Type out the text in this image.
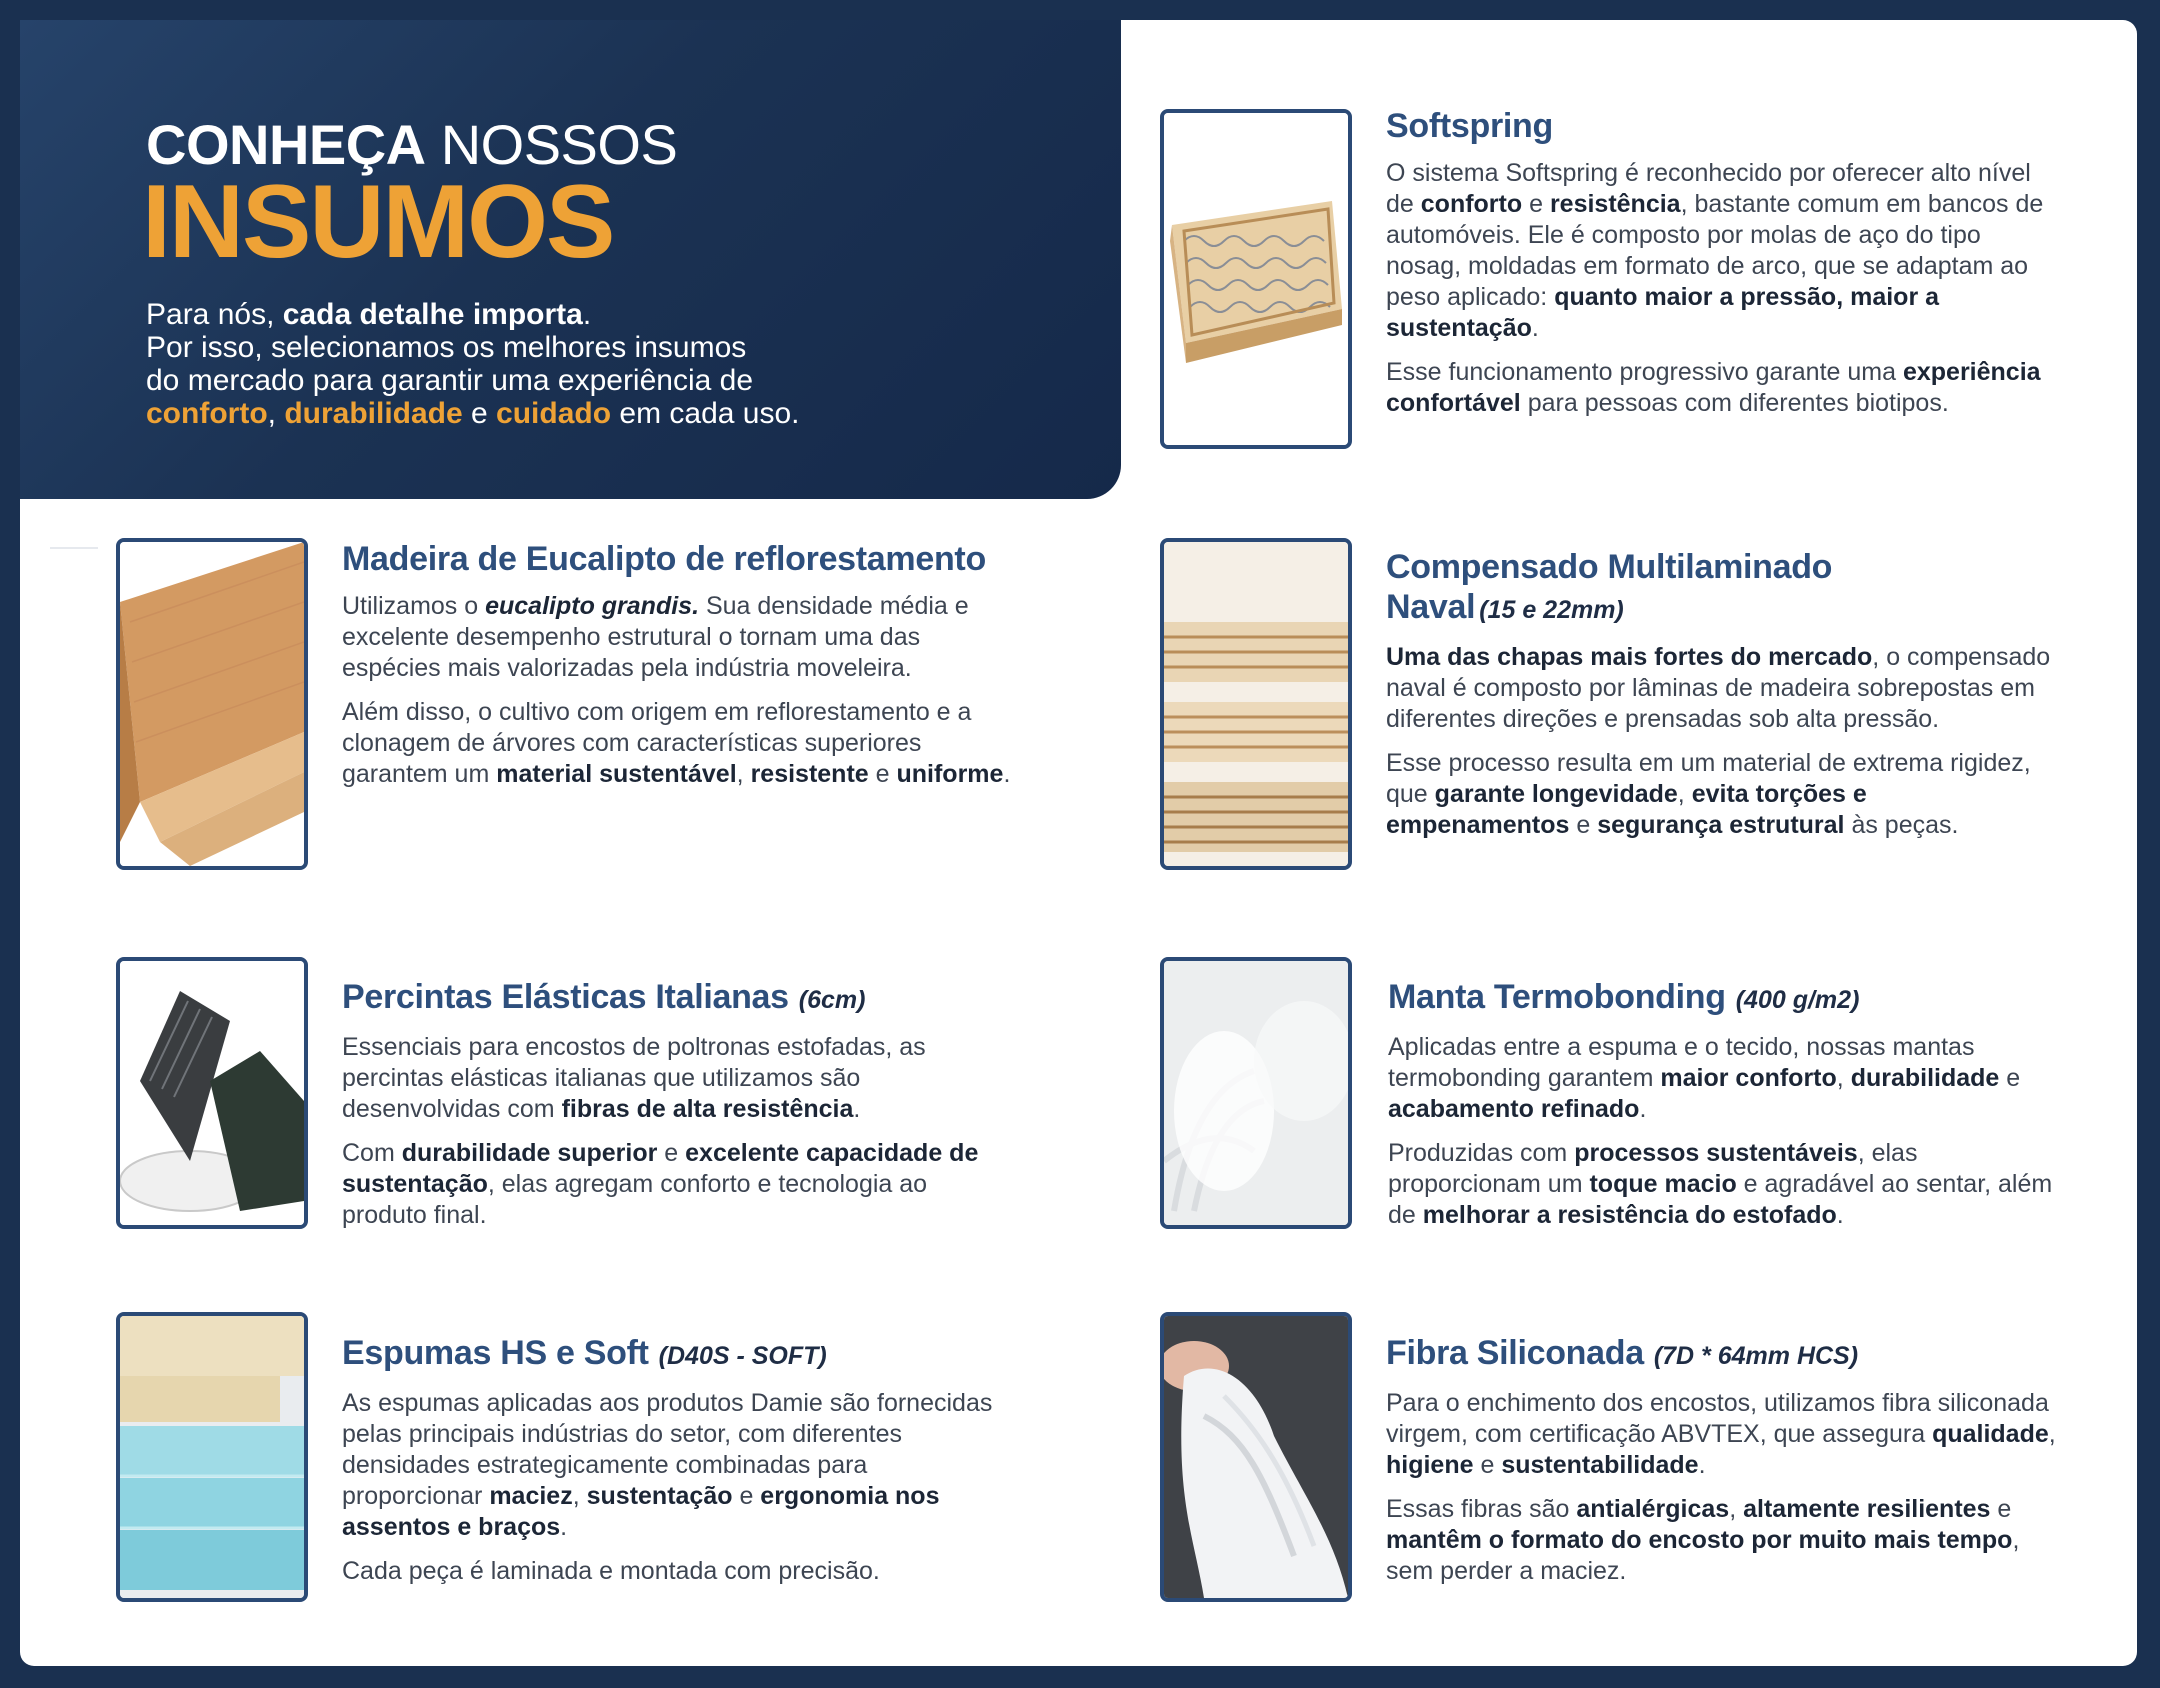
CONHEÇA NOSSOS
INSUMOS
Para nós, cada detalhe importa.
Por isso, selecionamos os melhores insumos
do mercado para garantir uma experiência de
conforto, durabilidade e cuidado em cada uso.
Softspring

O sistema Softspring é reconhecido por oferecer alto nível de conforto e resistência, bastante comum em bancos de automóveis. Ele é composto por molas de aço do tipo nosag, moldadas em formato de arco, que se adaptam ao peso aplicado: quanto maior a pressão, maior a sustentação.

Esse funcionamento progressivo garante uma experiência confortável para pessoas com diferentes biotipos.

Madeira de Eucalipto de reflorestamento

Utilizamos o eucalipto grandis. Sua densidade média e excelente desempenho estrutural o tornam uma das espécies mais valorizadas pela indústria moveleira.

Além disso, o cultivo com origem em reflorestamento e a clonagem de árvores com características superiores garantem um material sustentável, resistente e uniforme.

Compensado Multilaminado
Naval (15 e 22mm)

Uma das chapas mais fortes do mercado, o compensado naval é composto por lâminas de madeira sobrepostas em diferentes direções e prensadas sob alta pressão.

Esse processo resulta em um material de extrema rigidez, que garante longevidade, evita torções e empenamentos e segurança estrutural às peças.

Percintas Elásticas Italianas (6cm)

Essenciais para encostos de poltronas estofadas, as percintas elásticas italianas que utilizamos são desenvolvidas com fibras de alta resistência.

Com durabilidade superior e excelente capacidade de sustentação, elas agregam conforto e tecnologia ao produto final.

Manta Termobonding (400 g/m2)

Aplicadas entre a espuma e o tecido, nossas mantas termobonding garantem maior conforto, durabilidade e acabamento refinado.

Produzidas com processos sustentáveis, elas proporcionam um toque macio e agradável ao sentar, além de melhorar a resistência do estofado.

Espumas HS e Soft (D40S - SOFT)

As espumas aplicadas aos produtos Damie são fornecidas pelas principais indústrias do setor, com diferentes densidades estrategicamente combinadas para proporcionar maciez, sustentação e ergonomia nos assentos e braços.

Cada peça é laminada e montada com precisão.

Fibra Siliconada (7D * 64mm HCS)

Para o enchimento dos encostos, utilizamos fibra siliconada virgem, com certificação ABVTEX, que assegura qualidade, higiene e sustentabilidade.

Essas fibras são antialérgicas, altamente resilientes e mantêm o formato do encosto por muito mais tempo, sem perder a maciez.
